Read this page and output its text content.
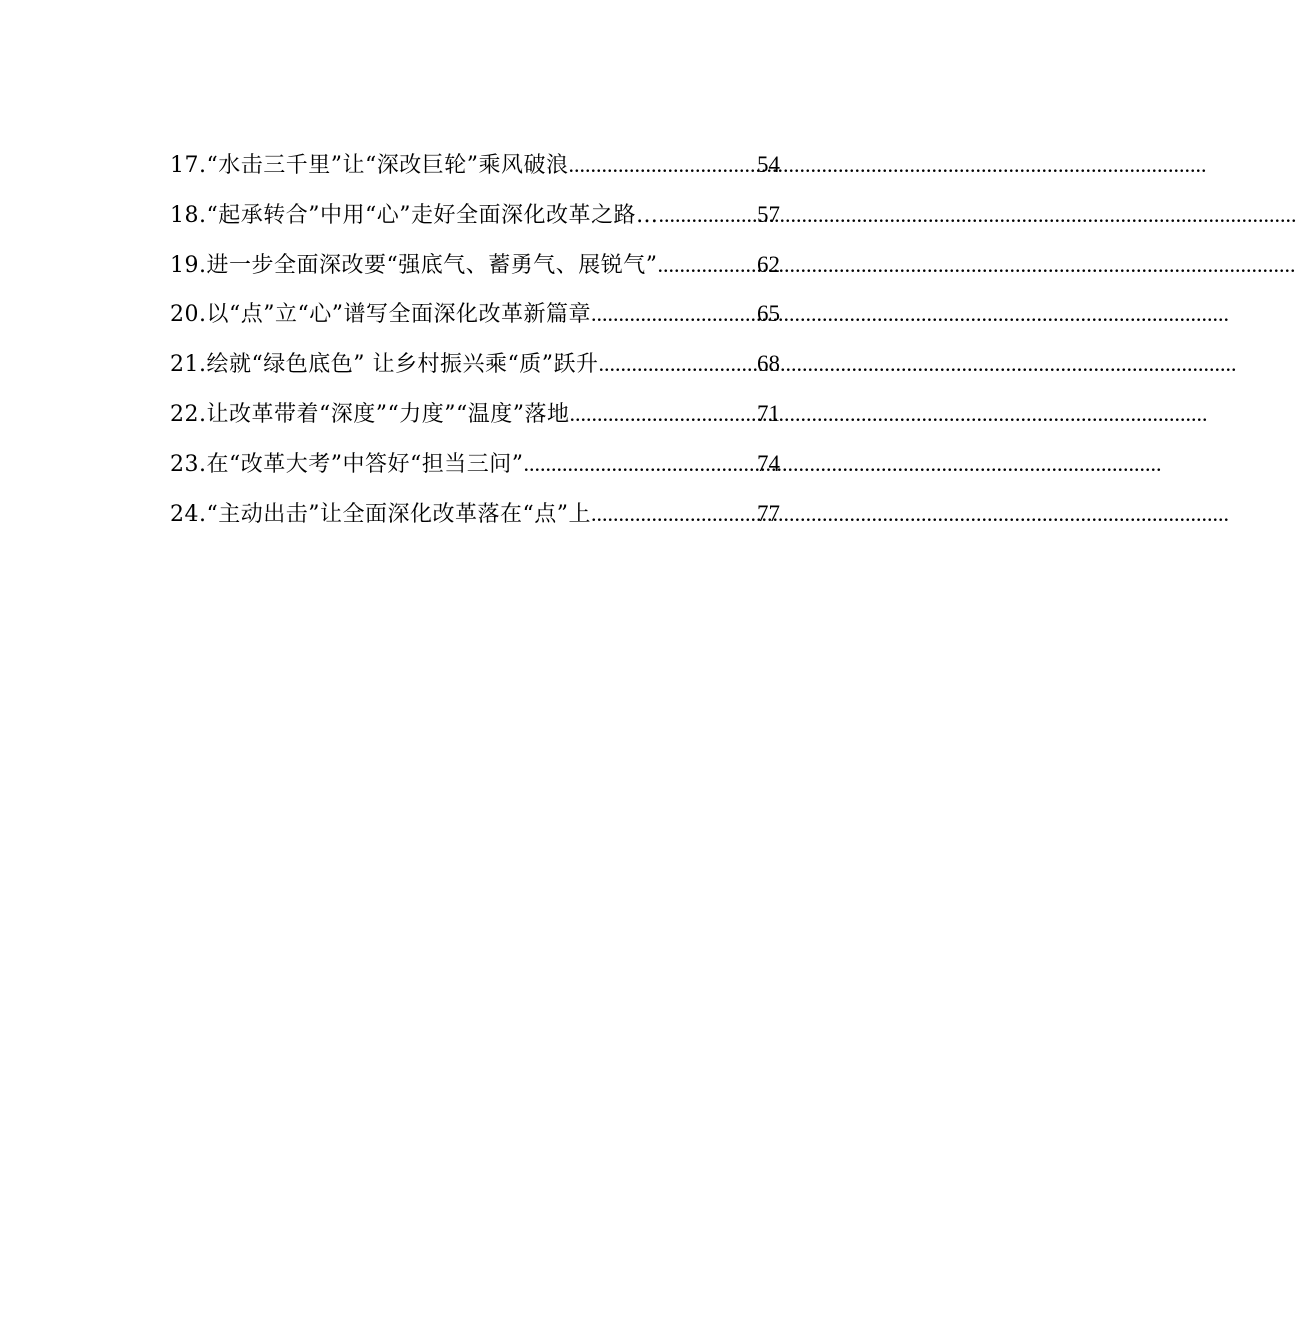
17.“水击三千里”让“深改巨轮”乘风破浪 .....	54
18.“起承转合”中用“心”走好全面深化改革之路… .....	57
19.进一步全面深改要“强底气、蓄勇气、展锐气” .....	62
20.以“点”立“心”谱写全面深化改革新篇章 .....	65
21.绘就“绿色底色” 让乡村振兴乘“质”跃升 .....	68
22.让改革带着“深度”“力度”“温度”落地 .....	71
23.在“改革大考”中答好“担当三问” .....	74
24.“主动出击”让全面深化改革落在“点”上 .....	77
